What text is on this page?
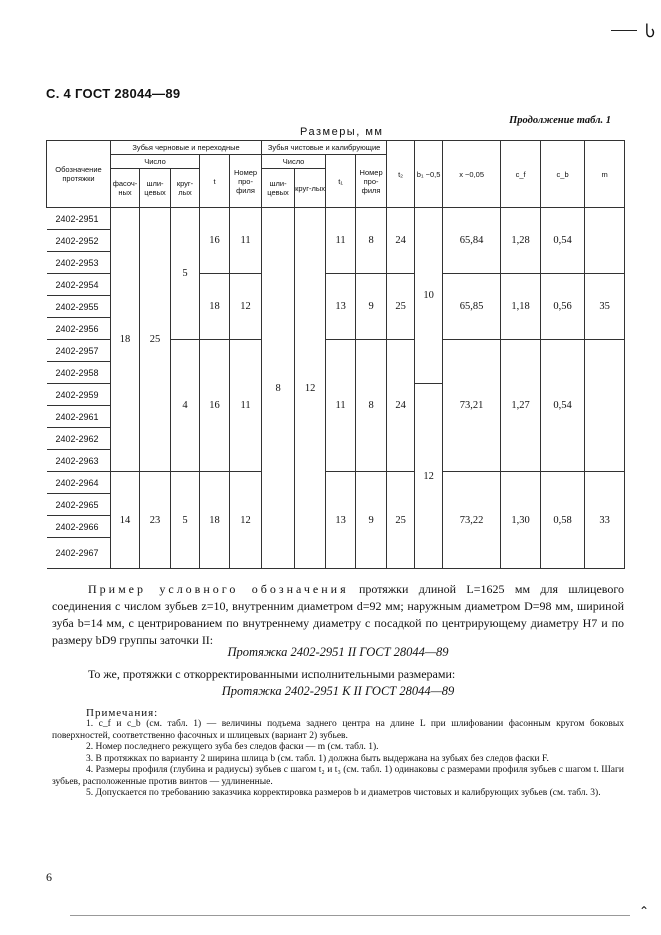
Ⴑ
С. 4 ГОСТ 28044—89
Продолжение табл. 1
Размеры, мм
Обозначение протяжки	Зубья черновые и переходные					Зубья чистовые и калибрующие				t₂	b₁ −0,5	x −0,05	c_f	c_b	m
	Число			t	Номер про-филя	Число		t₁	Номер про-филя						
	фасоч-ных	шли-цевых	круг-лых			шли-цевых	круг-лых								
2402-2951	18	25	5	16	11	8	12	11	8	24	10	65,84	1,28	0,54	
2402-2952															
2402-2953															
2402-2954				18	12			13	9	25		65,85	1,18	0,56	35
2402-2955															
2402-2956															
2402-2957			4	16	11			11	8	24		73,21	1,27	0,54	
2402-2958															
2402-2959											12				
2402-2961															
2402-2962															
2402-2963															
2402-2964	14	23	5	18	12			13	9	25		73,22	1,30	0,58	33
2402-2965															
2402-2966															
2402-2967															
Пример условного обозначения протяжки длиной L=1625 мм для шлицевого соединения с числом зубьев z=10, внутренним диаметром d=92 мм; наружным диаметром D=98 мм, шириной зуба b=14 мм, с центрированием по внутреннему диаметру с посадкой по центрирующему диаметру H7 и по размеру bD9 группы заточки II:
Протяжка 2402-2951 II ГОСТ 28044—89
То же, протяжки с откорректированными исполнительными размерами:
Протяжка 2402-2951 К II ГОСТ 28044—89
Примечания:

1. c_f и c_b (см. табл. 1) — величины подъема заднего центра на длине L при шлифовании фасонным кругом боковых поверхностей, соответственно фасочных и шлицевых (вариант 2) зубьев.

2. Номер последнего режущего зуба без следов фаски — m (см. табл. 1).

3. В протяжках по варианту 2 ширина шлица b (см. табл. 1) должна быть выдержана на зубьях без следов фаски F.

4. Размеры профиля (глубина и радиусы) зубьев с шагом t₂ и t₃ (см. табл. 1) одинаковы с размерами профиля зубьев с шагом t. Шаги зубьев, расположенные против винтов — удлиненные.

5. Допускается по требованию заказчика корректировка размеров b и диаметров чистовых и калибрующих зубьев (см. табл. 3).

6
⌃
